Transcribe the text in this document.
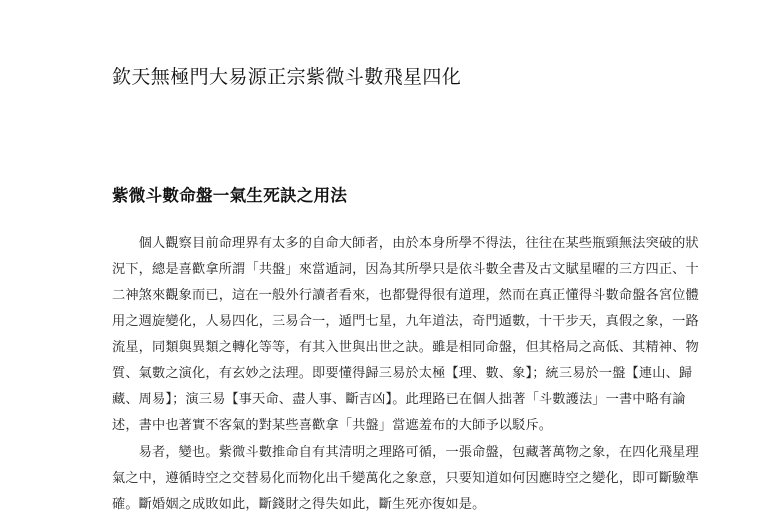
欽天無極門大易源正宗紫微斗數飛星四化
紫微斗數命盤一氣生死訣之用法
　　個人觀察目前命理界有太多的自命大師者，由於本身所學不得法，往往在某些瓶頸無法突破的狀
況下，總是喜歡拿所謂「共盤」來當遁詞，因為其所學只是依斗數全書及古文賦星曜的三方四正、十
二神煞來觀象而已，這在一般外行讀者看來，也都覺得很有道理，然而在真正懂得斗數命盤各宮位體
用之週旋變化，人易四化，三易合一，遁門七星，九年道法，奇門遁數，十干步天，真假之象，一路
流星，同類與異類之轉化等等，有其入世與出世之訣。雖是相同命盤，但其格局之高低、其精神、物
質、氣數之演化，有玄妙之法理。即要懂得歸三易於太極【理、數、象】；統三易於一盤【連山、歸
藏、周易】；演三易【事天命、盡人事、斷吉凶】。此理路已在個人拙著「斗數護法」一書中略有論
述，書中也著實不客氣的對某些喜歡拿「共盤」當遮羞布的大師予以駁斥。
　　易者，變也。紫微斗數推命自有其清明之理路可循，一張命盤，包藏著萬物之象，在四化飛星理
氣之中，遵循時空之交替易化而物化出千變萬化之象意，只要知道如何因應時空之變化，即可斷驗準
確。斷婚姻之成敗如此，斷錢財之得失如此，斷生死亦復如是。
